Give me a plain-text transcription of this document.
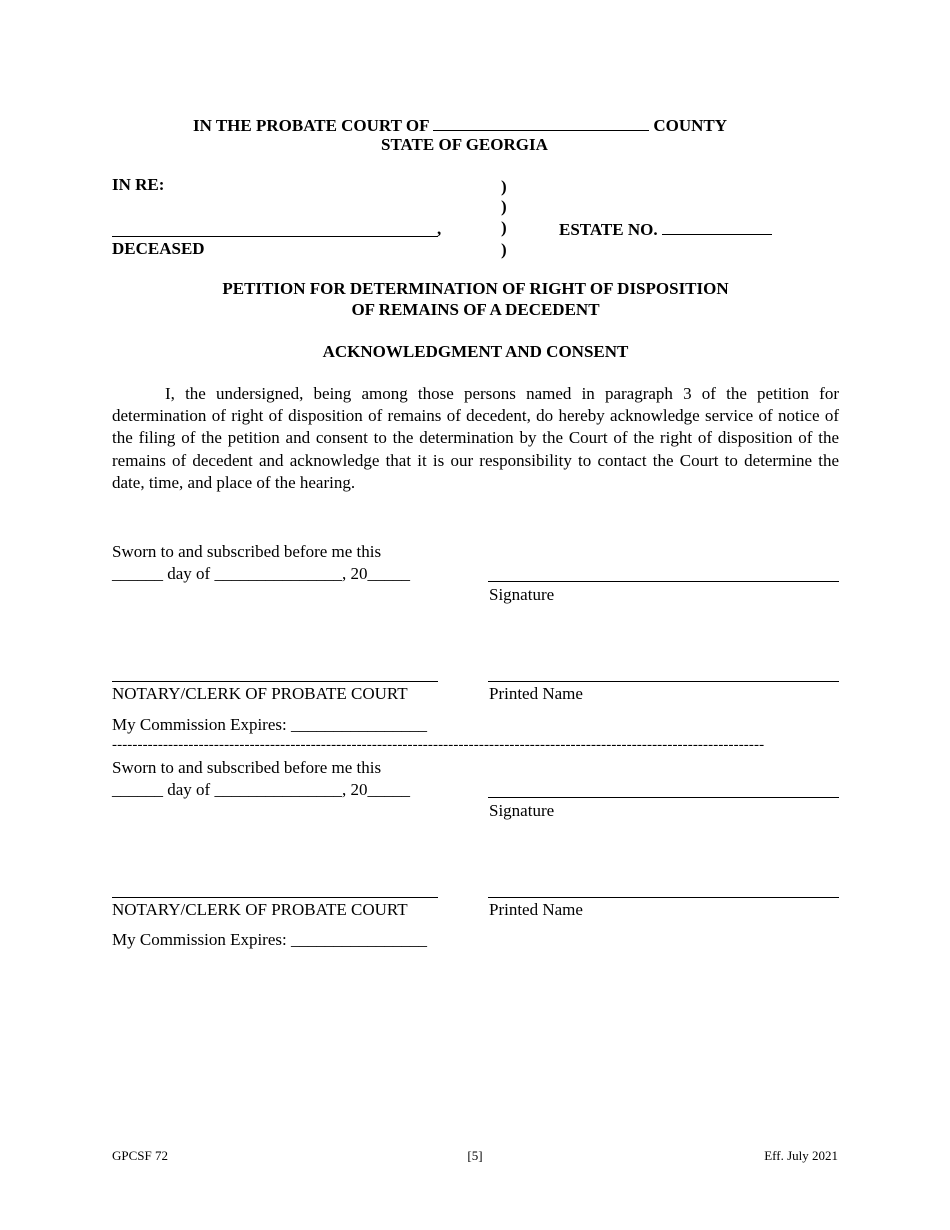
IN THE PROBATE COURT OF	COUNTY
STATE OF GEORGIA
IN RE:	)
)
)
)
,
DECEASED
ESTATE NO.
PETITION FOR DETERMINATION OF RIGHT OF DISPOSITION
OF REMAINS OF A DECEDENT
ACKNOWLEDGMENT AND CONSENT
I, the undersigned, being among those persons named in paragraph 3 of the petition for determination of right of disposition of remains of decedent, do hereby acknowledge service of notice of the filing of the petition and consent to the determination by the Court of the right of disposition of the remains of decedent and acknowledge that it is our responsibility to contact the Court to determine the date, time, and place of the hearing.
Sworn to and subscribed before me this
______ day of _______________, 20_____
Signature
NOTARY/CLERK OF PROBATE COURT	Printed Name
My Commission Expires: ________________
--------------------------------------------------------------------------------------------------------------------------------
Sworn to and subscribed before me this
______ day of _______________, 20_____
Signature
NOTARY/CLERK OF PROBATE COURT	Printed Name
My Commission Expires: ________________
GPCSF 72	[5]	Eff. July 2021
